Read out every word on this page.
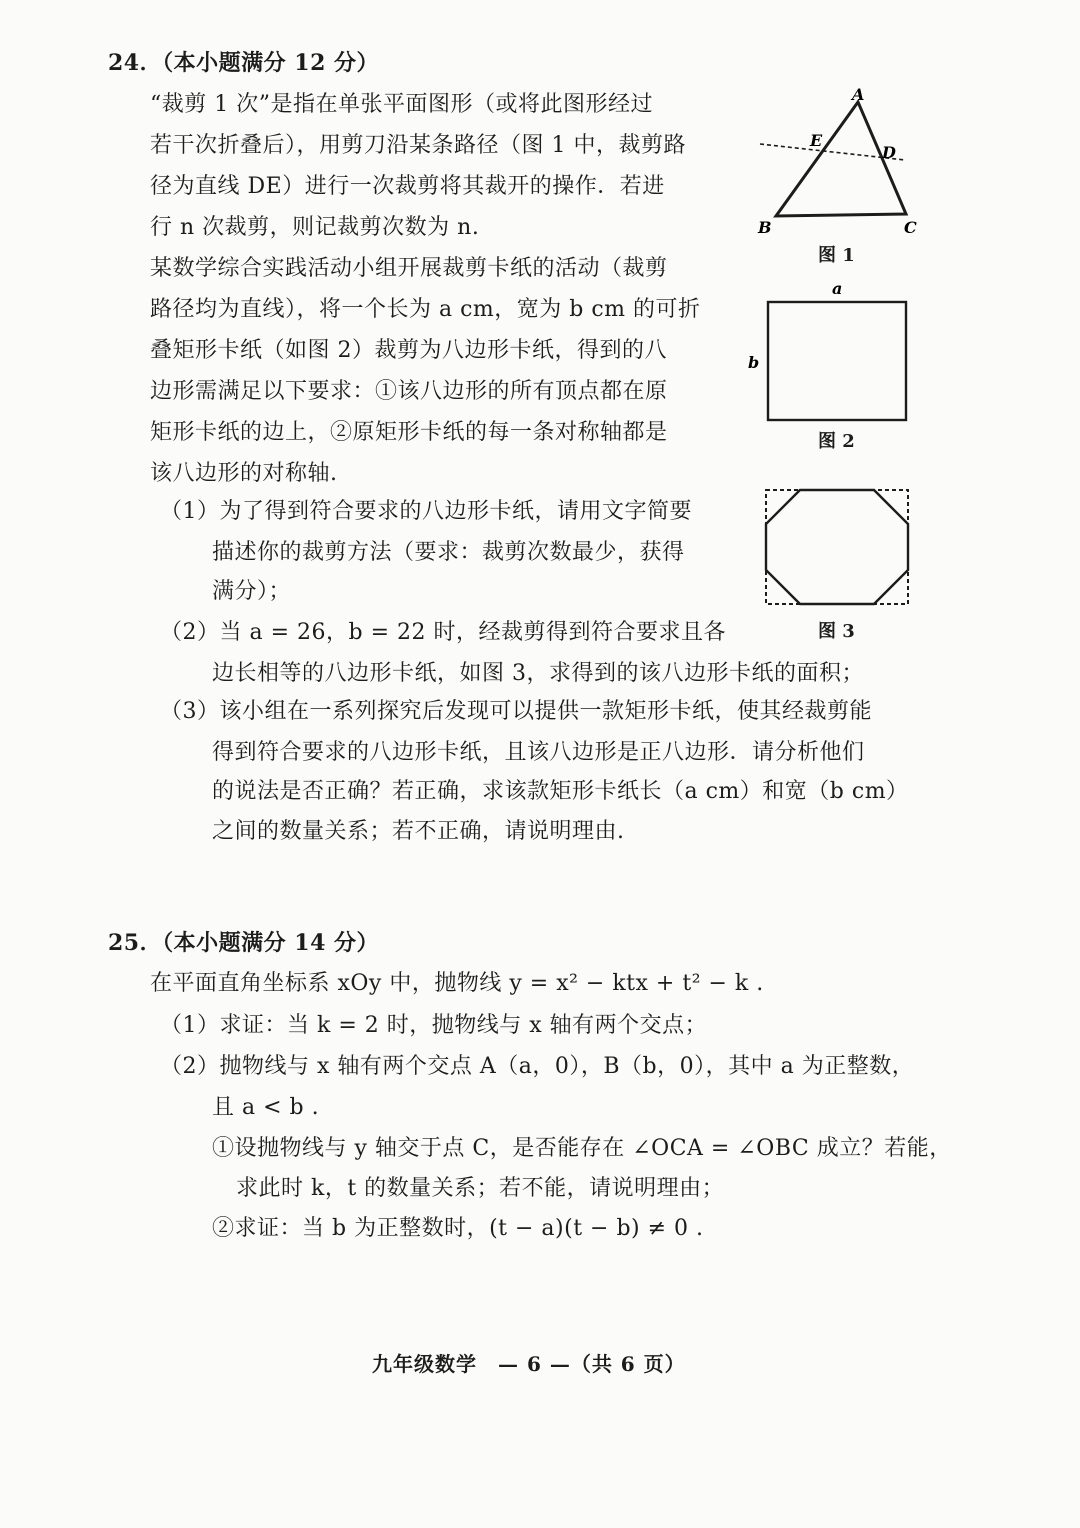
24．（本小题满分 12 分）
“裁剪 1 次”是指在单张平面图形（或将此图形经过
若干次折叠后），用剪刀沿某条路径（图 1 中，裁剪路
径为直线 DE）进行一次裁剪将其裁开的操作．若进
行 n 次裁剪，则记裁剪次数为 n.
某数学综合实践活动小组开展裁剪卡纸的活动（裁剪
路径均为直线），将一个长为 a cm，宽为 b cm 的可折
叠矩形卡纸（如图 2）裁剪为八边形卡纸，得到的八
边形需满足以下要求：①该八边形的所有顶点都在原
矩形卡纸的边上，②原矩形卡纸的每一条对称轴都是
该八边形的对称轴.
（1）为了得到符合要求的八边形卡纸，请用文字简要
描述你的裁剪方法（要求：裁剪次数最少，获得
满分）；
（2）当 a = 26，b = 22 时，经裁剪得到符合要求且各
边长相等的八边形卡纸，如图 3，求得到的该八边形卡纸的面积；
（3）该小组在一系列探究后发现可以提供一款矩形卡纸，使其经裁剪能
得到符合要求的八边形卡纸，且该八边形是正八边形．请分析他们
的说法是否正确？若正确，求该款矩形卡纸长（a cm）和宽（b cm）
之间的数量关系；若不正确，请说明理由.
A
B	C
E
D
图 1
a
b
图 2
图 3
25．（本小题满分 14 分）
在平面直角坐标系 xOy 中，抛物线 y = x² − ktx + t² − k .
（1）求证：当 k = 2 时，抛物线与 x 轴有两个交点；
（2）抛物线与 x 轴有两个交点 A（a，0），B（b，0），其中 a 为正整数，
且 a < b .
①设抛物线与 y 轴交于点 C，是否能存在 ∠OCA = ∠OBC 成立？若能，
求此时 k，t 的数量关系；若不能，请说明理由；
②求证：当 b 为正整数时，(t − a)(t − b) ≠ 0 .
九年级数学　— 6 —（共 6 页）
